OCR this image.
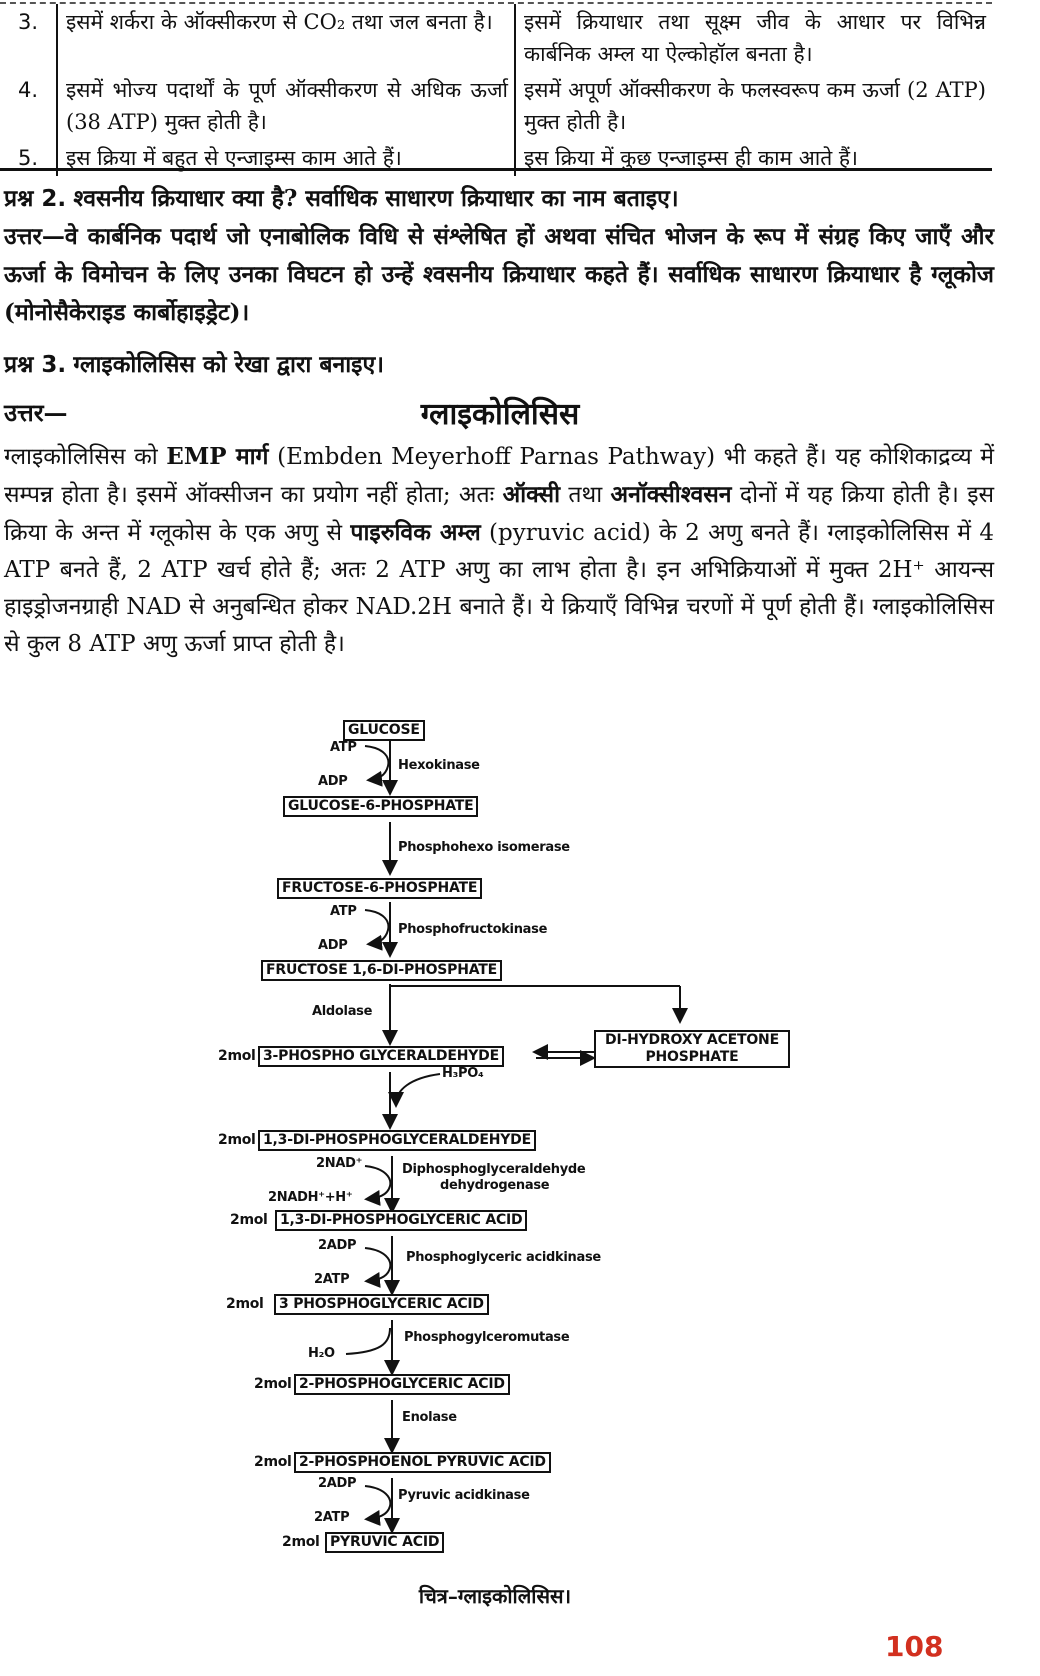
3.	इसमें शर्करा के ऑक्सीकरण से CO₂ तथा जल बनता है।	इसमें क्रियाधार तथा सूक्ष्म जीव के आधार पर विभिन्न कार्बनिक अम्ल या ऐल्कोहॉल बनता है।
4.	इसमें भोज्य पदार्थों के पूर्ण ऑक्सीकरण से अधिक ऊर्जा (38 ATP) मुक्त होती है।	इसमें अपूर्ण ऑक्सीकरण के फलस्वरूप कम ऊर्जा (2 ATP) मुक्त होती है।
5.	इस क्रिया में बहुत से एन्जाइम्स काम आते हैं।	इस क्रिया में कुछ एन्जाइम्स ही काम आते हैं।
प्रश्न 2. श्वसनीय क्रियाधार क्या है? सर्वाधिक साधारण क्रियाधार का नाम बताइए।
उत्तर—वे कार्बनिक पदार्थ जो एनाबोलिक विधि से संश्लेषित हों अथवा संचित भोजन के रूप में संग्रह किए जाएँ और ऊर्जा के विमोचन के लिए उनका विघटन हो उन्हें श्वसनीय क्रियाधार कहते हैं। सर्वाधिक साधारण क्रियाधार है ग्लूकोज (मोनोसैकेराइड कार्बोहाइड्रेट)।
प्रश्न 3. ग्लाइकोलिसिस को रेखा द्वारा बनाइए।
उत्तर—	ग्लाइकोलिसिस
ग्लाइकोलिसिस को EMP मार्ग (Embden Meyerhoff Parnas Pathway) भी कहते हैं। यह कोशिकाद्रव्य में सम्पन्न होता है। इसमें ऑक्सीजन का प्रयोग नहीं होता; अतः ऑक्सी तथा अनॉक्सीश्वसन दोनों में यह क्रिया होती है। इस क्रिया के अन्त में ग्लूकोस के एक अणु से पाइरुविक अम्ल (pyruvic acid) के 2 अणु बनते हैं। ग्लाइकोलिसिस में 4 ATP बनते हैं, 2 ATP खर्च होते हैं; अतः 2 ATP अणु का लाभ होता है। इन अभिक्रियाओं में मुक्त 2H⁺ आयन्स हाइड्रोजनग्राही NAD से अनुबन्धित होकर NAD.2H बनाते हैं। ये क्रियाएँ विभिन्न चरणों में पूर्ण होती हैं। ग्लाइकोलिसिस से कुल 8 ATP अणु ऊर्जा प्राप्त होती है।
GLUCOSE
GLUCOSE-6-PHOSPHATE
FRUCTOSE-6-PHOSPHATE
FRUCTOSE 1,6-DI-PHOSPHATE
3-PHOSPHO GLYCERALDEHYDE
DI-HYDROXY ACETONE PHOSPHATE
1,3-DI-PHOSPHOGLYCERALDEHYDE
1,3-DI-PHOSPHOGLYCERIC ACID
3 PHOSPHOGLYCERIC ACID
2-PHOSPHOGLYCERIC ACID
2-PHOSPHOENOL PYRUVIC ACID
PYRUVIC ACID
2mol
2mol
2mol
2mol
2mol
2mol
2mol
ATP
ADP
Hexokinase
Phosphohexo isomerase
ATP
ADP
Phosphofructokinase
Aldolase
H₃PO₄
2NAD⁺
2NADH⁺+H⁺
Diphosphoglyceraldehyde
dehydrogenase
2ADP
2ATP
Phosphoglyceric acidkinase
H₂O
Phosphogylceromutase
Enolase
2ADP
2ATP
Pyruvic acidkinase
चित्र–ग्लाइकोलिसिस।
108
